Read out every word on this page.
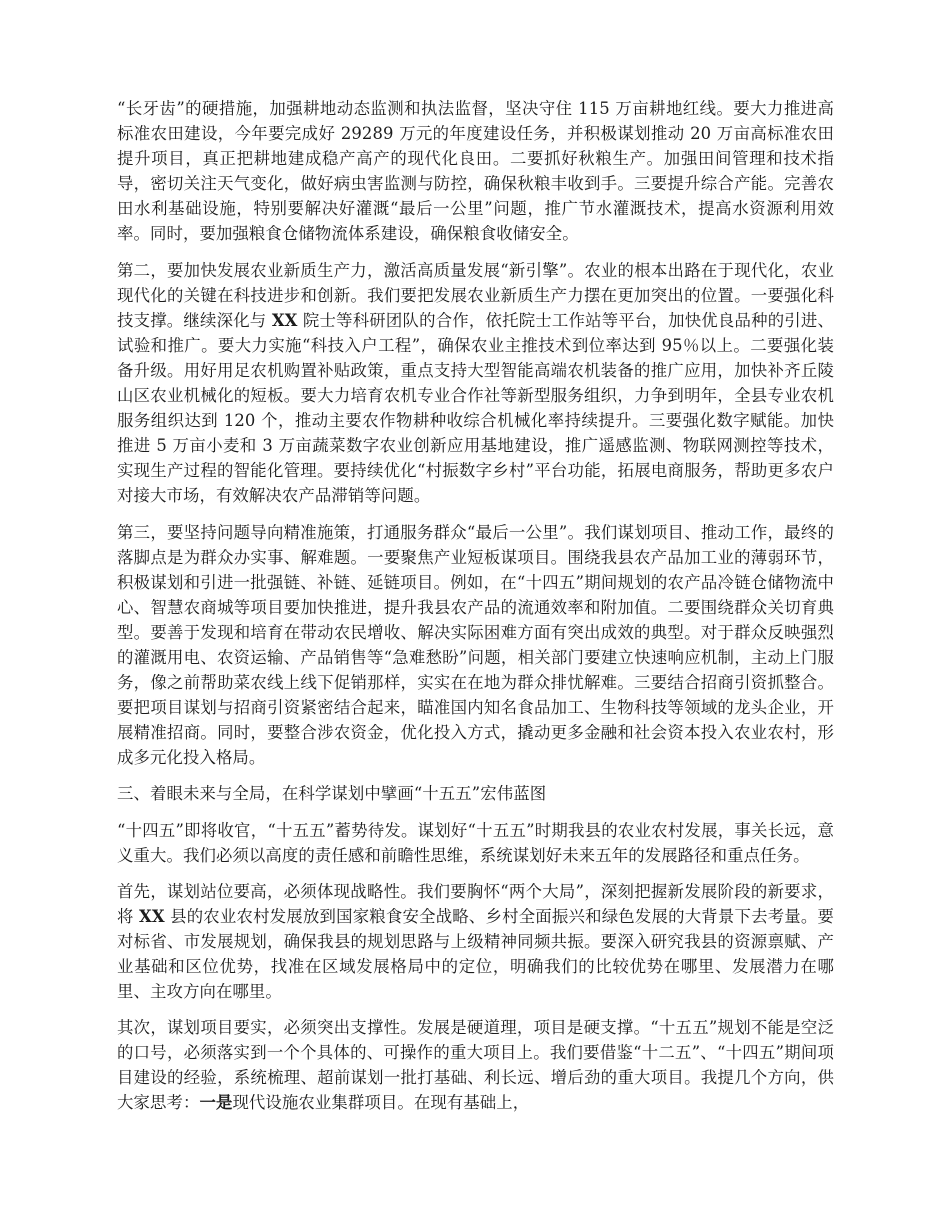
“长牙齿”的硬措施，加强耕地动态监测和执法监督，坚决守住 115 万亩耕地红线。要大力推进高标准农田建设，今年要完成好 29289 万元的年度建设任务，并积极谋划推动 20 万亩高标准农田提升项目，真正把耕地建成稳产高产的现代化良田。二要抓好秋粮生产。加强田间管理和技术指导，密切关注天气变化，做好病虫害监测与防控，确保秋粮丰收到手。三要提升综合产能。完善农田水利基础设施，特别要解决好灌溉“最后一公里”问题，推广节水灌溉技术，提高水资源利用效率。同时，要加强粮食仓储物流体系建设，确保粮食收储安全。

第二，要加快发展农业新质生产力，激活高质量发展“新引擎”。农业的根本出路在于现代化，农业现代化的关键在科技进步和创新。我们要把发展农业新质生产力摆在更加突出的位置。一要强化科技支撑。继续深化与 XX 院士等科研团队的合作，依托院士工作站等平台，加快优良品种的引进、试验和推广。要大力实施“科技入户工程”，确保农业主推技术到位率达到 95％以上。二要强化装备升级。用好用足农机购置补贴政策，重点支持大型智能高端农机装备的推广应用，加快补齐丘陵山区农业机械化的短板。要大力培育农机专业合作社等新型服务组织，力争到明年，全县专业农机服务组织达到 120 个，推动主要农作物耕种收综合机械化率持续提升。三要强化数字赋能。加快推进 5 万亩小麦和 3 万亩蔬菜数字农业创新应用基地建设，推广遥感监测、物联网测控等技术，实现生产过程的智能化管理。要持续优化“村振数字乡村”平台功能，拓展电商服务，帮助更多农户对接大市场，有效解决农产品滞销等问题。

第三，要坚持问题导向精准施策，打通服务群众“最后一公里”。我们谋划项目、推动工作，最终的落脚点是为群众办实事、解难题。一要聚焦产业短板谋项目。围绕我县农产品加工业的薄弱环节，积极谋划和引进一批强链、补链、延链项目。例如，在“十四五”期间规划的农产品冷链仓储物流中心、智慧农商城等项目要加快推进，提升我县农产品的流通效率和附加值。二要围绕群众关切育典型。要善于发现和培育在带动农民增收、解决实际困难方面有突出成效的典型。对于群众反映强烈的灌溉用电、农资运输、产品销售等“急难愁盼”问题，相关部门要建立快速响应机制，主动上门服务，像之前帮助菜农线上线下促销那样，实实在在地为群众排忧解难。三要结合招商引资抓整合。要把项目谋划与招商引资紧密结合起来，瞄准国内知名食品加工、生物科技等领域的龙头企业，开展精准招商。同时，要整合涉农资金，优化投入方式，撬动更多金融和社会资本投入农业农村，形成多元化投入格局。

三、着眼未来与全局，在科学谋划中擘画“十五五”宏伟蓝图

“十四五”即将收官，“十五五”蓄势待发。谋划好“十五五”时期我县的农业农村发展，事关长远，意义重大。我们必须以高度的责任感和前瞻性思维，系统谋划好未来五年的发展路径和重点任务。

首先，谋划站位要高，必须体现战略性。我们要胸怀“两个大局”，深刻把握新发展阶段的新要求，将 XX 县的农业农村发展放到国家粮食安全战略、乡村全面振兴和绿色发展的大背景下去考量。要对标省、市发展规划，确保我县的规划思路与上级精神同频共振。要深入研究我县的资源禀赋、产业基础和区位优势，找准在区域发展格局中的定位，明确我们的比较优势在哪里、发展潜力在哪里、主攻方向在哪里。

其次，谋划项目要实，必须突出支撑性。发展是硬道理，项目是硬支撑。“十五五”规划不能是空泛的口号，必须落实到一个个具体的、可操作的重大项目上。我们要借鉴“十二五”、“十四五”期间项目建设的经验，系统梳理、超前谋划一批打基础、利长远、增后劲的重大项目。我提几个方向，供大家思考：一是现代设施农业集群项目。在现有基础上，
